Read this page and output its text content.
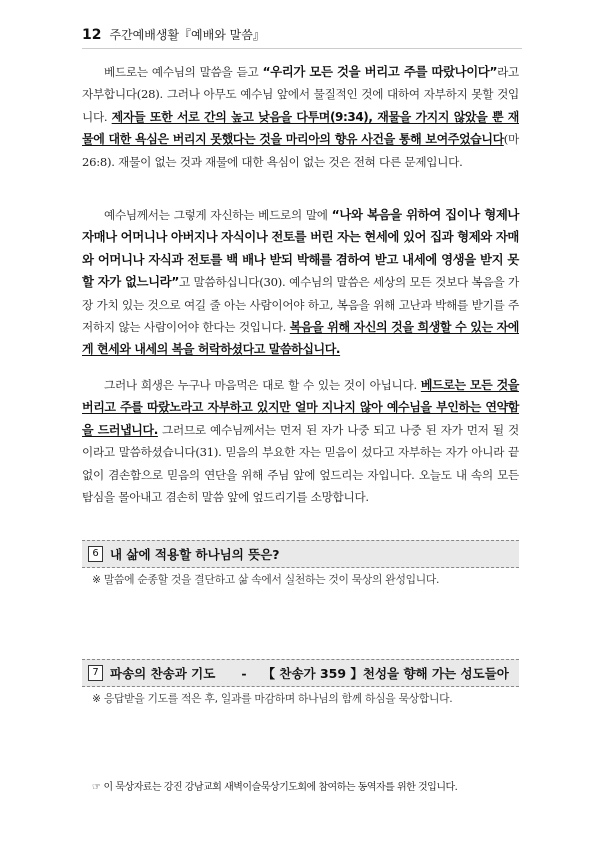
12 주간예배생활『예배와 말씀』

베드로는 예수님의 말씀을 듣고 “우리가 모든 것을 버리고 주를 따랐나이다”라고 자부합니다(28). 그러나 아무도 예수님 앞에서 물질적인 것에 대하여 자부하지 못할 것입니다. 제자들 또한 서로 간의 높고 낮음을 다투며(9:34), 재물을 가지지 않았을 뿐 재물에 대한 욕심은 버리지 못했다는 것을 마리아의 향유 사건을 통해 보여주었습니다(마26:8). 재물이 없는 것과 재물에 대한 욕심이 없는 것은 전혀 다른 문제입니다.

예수님께서는 그렇게 자신하는 베드로의 말에 “나와 복음을 위하여 집이나 형제나 자매나 어머니나 아버지나 자식이나 전토를 버린 자는 현세에 있어 집과 형제와 자매와 어머니나 자식과 전토를 백 배나 받되 박해를 겸하여 받고 내세에 영생을 받지 못할 자가 없느니라”고 말씀하십니다(30). 예수님의 말씀은 세상의 모든 것보다 복음을 가장 가치 있는 것으로 여길 줄 아는 사람이어야 하고, 복음을 위해 고난과 박해를 받기를 주저하지 않는 사람이어야 한다는 것입니다. 복음을 위해 자신의 것을 희생할 수 있는 자에게 현세와 내세의 복을 허락하셨다고 말씀하십니다.

그러나 희생은 누구나 마음먹은 대로 할 수 있는 것이 아닙니다. 베드로는 모든 것을 버리고 주를 따랐노라고 자부하고 있지만 얼마 지나지 않아 예수님을 부인하는 연약함을 드러냅니다. 그러므로 예수님께서는 먼저 된 자가 나중 되고 나중 된 자가 먼저 될 것이라고 말씀하셨습니다(31). 믿음의 부요한 자는 믿음이 섰다고 자부하는 자가 아니라 끝없이 겸손함으로 믿음의 연단을 위해 주님 앞에 엎드리는 자입니다. 오늘도 내 속의 모든 탐심을 몰아내고 겸손히 말씀 앞에 엎드리기를 소망합니다.

6 내 삶에 적용할 하나님의 뜻은?
※ 말씀에 순종할 것을 결단하고 삶 속에서 실천하는 것이 묵상의 완성입니다.
7 파송의 찬송과 기도 - 【 찬송가 359 】천성을 향해 가는 성도들아
※ 응답받을 기도를 적은 후, 일과를 마감하며 하나님의 함께 하심을 묵상합니다.
☞ 이 묵상자료는 강진 강남교회 새벽이슬묵상기도회에 참여하는 동역자를 위한 것입니다.
